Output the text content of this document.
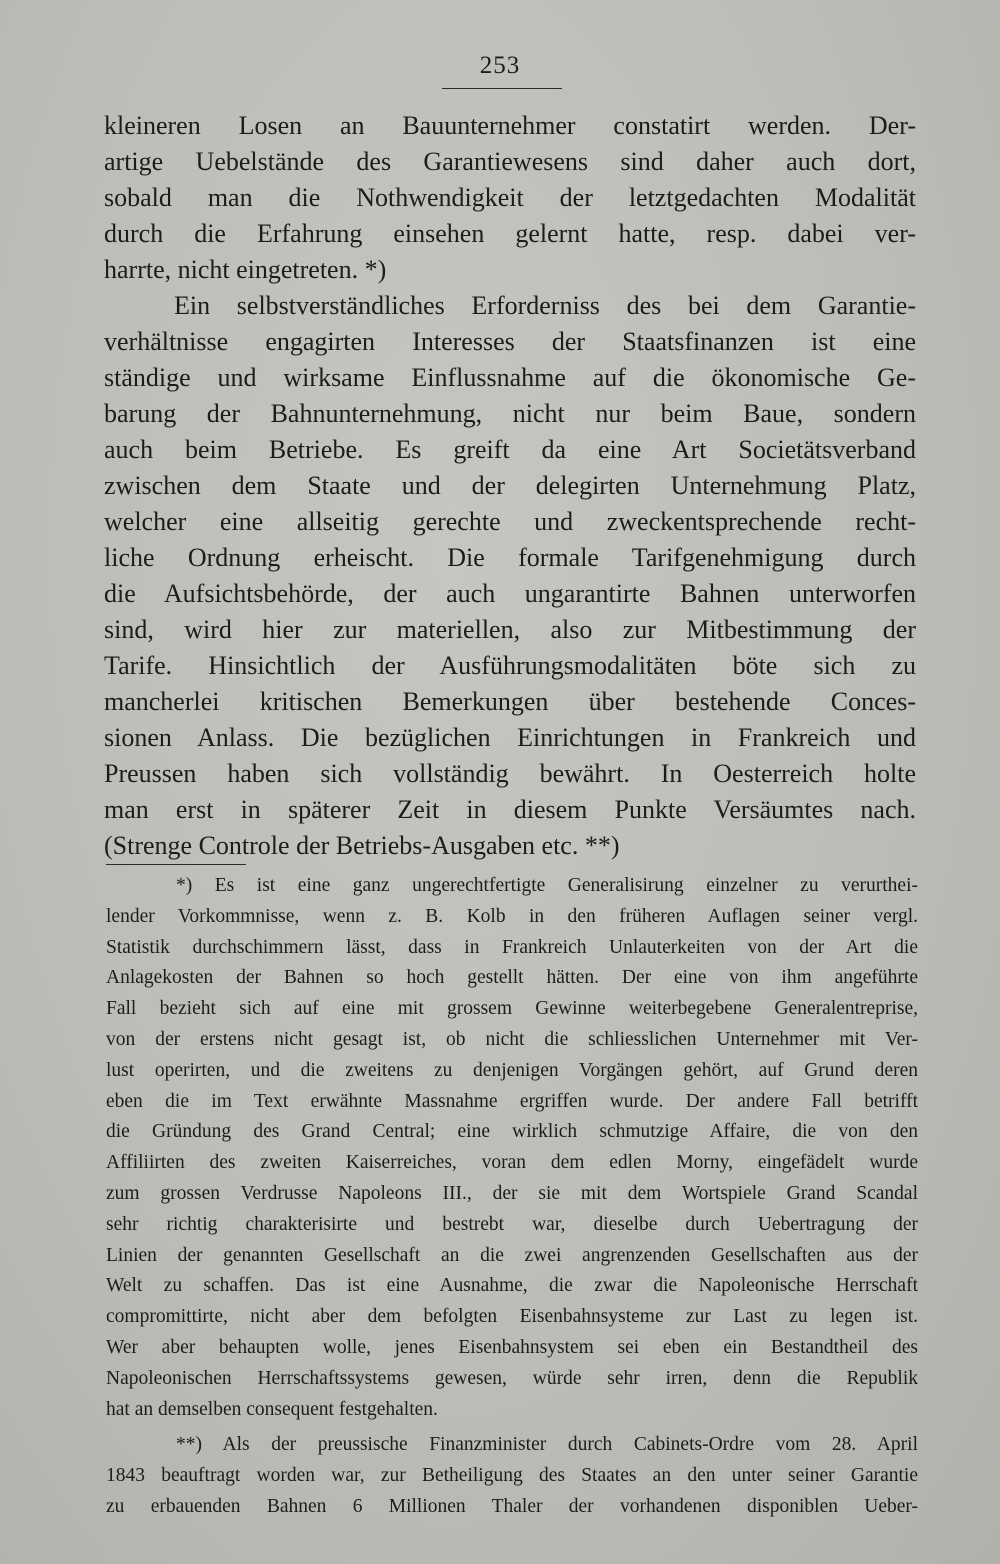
253
kleineren Losen an Bauunternehmer constatirt werden. Der-
artige Uebelstände des Garantiewesens sind daher auch dort,
sobald man die Nothwendigkeit der letztgedachten Modalität
durch die Erfahrung einsehen gelernt hatte, resp. dabei ver-
harrte, nicht eingetreten. *)
Ein selbstverständliches Erforderniss des bei dem Garantie-
verhältnisse engagirten Interesses der Staatsfinanzen ist eine
ständige und wirksame Einflussnahme auf die ökonomische Ge-
barung der Bahnunternehmung, nicht nur beim Baue, sondern
auch beim Betriebe. Es greift da eine Art Societätsverband
zwischen dem Staate und der delegirten Unternehmung Platz,
welcher eine allseitig gerechte und zweckentsprechende recht-
liche Ordnung erheischt. Die formale Tarifgenehmigung durch
die Aufsichtsbehörde, der auch ungarantirte Bahnen unterworfen
sind, wird hier zur materiellen, also zur Mitbestimmung der
Tarife. Hinsichtlich der Ausführungsmodalitäten böte sich zu
mancherlei kritischen Bemerkungen über bestehende Conces-
sionen Anlass. Die bezüglichen Einrichtungen in Frankreich und
Preussen haben sich vollständig bewährt. In Oesterreich holte
man erst in späterer Zeit in diesem Punkte Versäumtes nach.
(Strenge Controle der Betriebs-Ausgaben etc. **)
*) Es ist eine ganz ungerechtfertigte Generalisirung einzelner zu verurthei-
lender Vorkommnisse, wenn z. B. Kolb in den früheren Auflagen seiner vergl.
Statistik durchschimmern lässt, dass in Frankreich Unlauterkeiten von der Art die
Anlagekosten der Bahnen so hoch gestellt hätten. Der eine von ihm angeführte
Fall bezieht sich auf eine mit grossem Gewinne weiterbegebene Generalentreprise,
von der erstens nicht gesagt ist, ob nicht die schliesslichen Unternehmer mit Ver-
lust operirten, und die zweitens zu denjenigen Vorgängen gehört, auf Grund deren
eben die im Text erwähnte Massnahme ergriffen wurde. Der andere Fall betrifft
die Gründung des Grand Central; eine wirklich schmutzige Affaire, die von den
Affiliirten des zweiten Kaiserreiches, voran dem edlen Morny, eingefädelt wurde
zum grossen Verdrusse Napoleons III., der sie mit dem Wortspiele Grand Scandal
sehr richtig charakterisirte und bestrebt war, dieselbe durch Uebertragung der
Linien der genannten Gesellschaft an die zwei angrenzenden Gesellschaften aus der
Welt zu schaffen. Das ist eine Ausnahme, die zwar die Napoleonische Herrschaft
compromittirte, nicht aber dem befolgten Eisenbahnsysteme zur Last zu legen ist.
Wer aber behaupten wolle, jenes Eisenbahnsystem sei eben ein Bestandtheil des
Napoleonischen Herrschaftssystems gewesen, würde sehr irren, denn die Republik
hat an demselben consequent festgehalten.
**) Als der preussische Finanzminister durch Cabinets-Ordre vom 28. April
1843 beauftragt worden war, zur Betheiligung des Staates an den unter seiner Garantie
zu erbauenden Bahnen 6 Millionen Thaler der vorhandenen disponiblen Ueber-
